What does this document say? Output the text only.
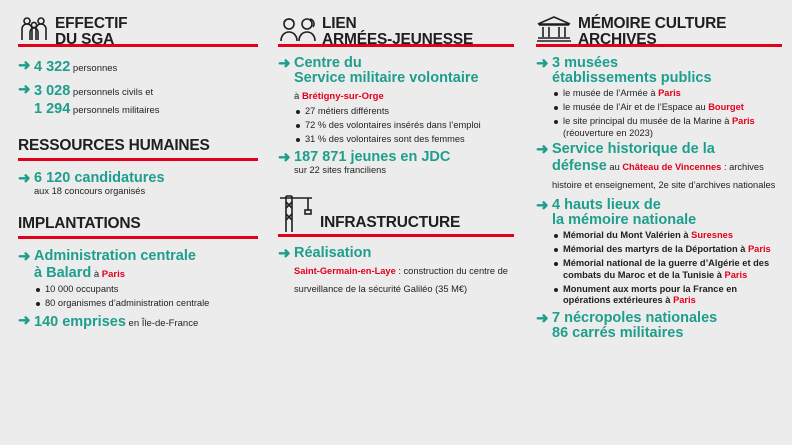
EFFECTIF
DU SGA
➜ 4 322 personnes
➜ 3 028 personnels civils et
1 294 personnels militaires
RESSOURCES HUMAINES
➜ 6 120 candidatures
aux 18 concours organisés
IMPLANTATIONS
➜ Administration centrale
à Balard à Paris
10 000 occupants
80 organismes d’administration centrale
➜ 140 emprises en Île-de-France
LIEN
ARMÉES-JEUNESSE
➜ Centre du
Service militaire volontaire
à Brétigny-sur-Orge
27 métiers différents
72 % des volontaires insérés dans l’emploi
31 % des volontaires sont des femmes
➜ 187 871 jeunes en JDC
sur 22 sites franciliens
INFRASTRUCTURE
➜ Réalisation
Saint-Germain-en-Laye : construction du centre de surveillance de la sécurité Galiléo (35 M€)
MÉMOIRE CULTURE
ARCHIVES
➜ 3 musées
établissements publics
le musée de l’Armée à Paris
le musée de l’Air et de l’Espace au Bourget
le site principal du musée de la Marine à Paris (réouverture en 2023)
➜ Service historique de la
défense au Château de Vincennes : archives histoire et enseignement, 2e site d’archives nationales
➜ 4 hauts lieux de
la mémoire nationale
Mémorial du Mont Valérien à Suresnes
Mémorial des martyrs de la Déportation à Paris
Mémorial national de la guerre d’Algérie et des combats du Maroc et de la Tunisie à Paris
Monument aux morts pour la France en opérations extérieures à Paris
➜ 7 nécropoles nationales
86 carrés militaires
